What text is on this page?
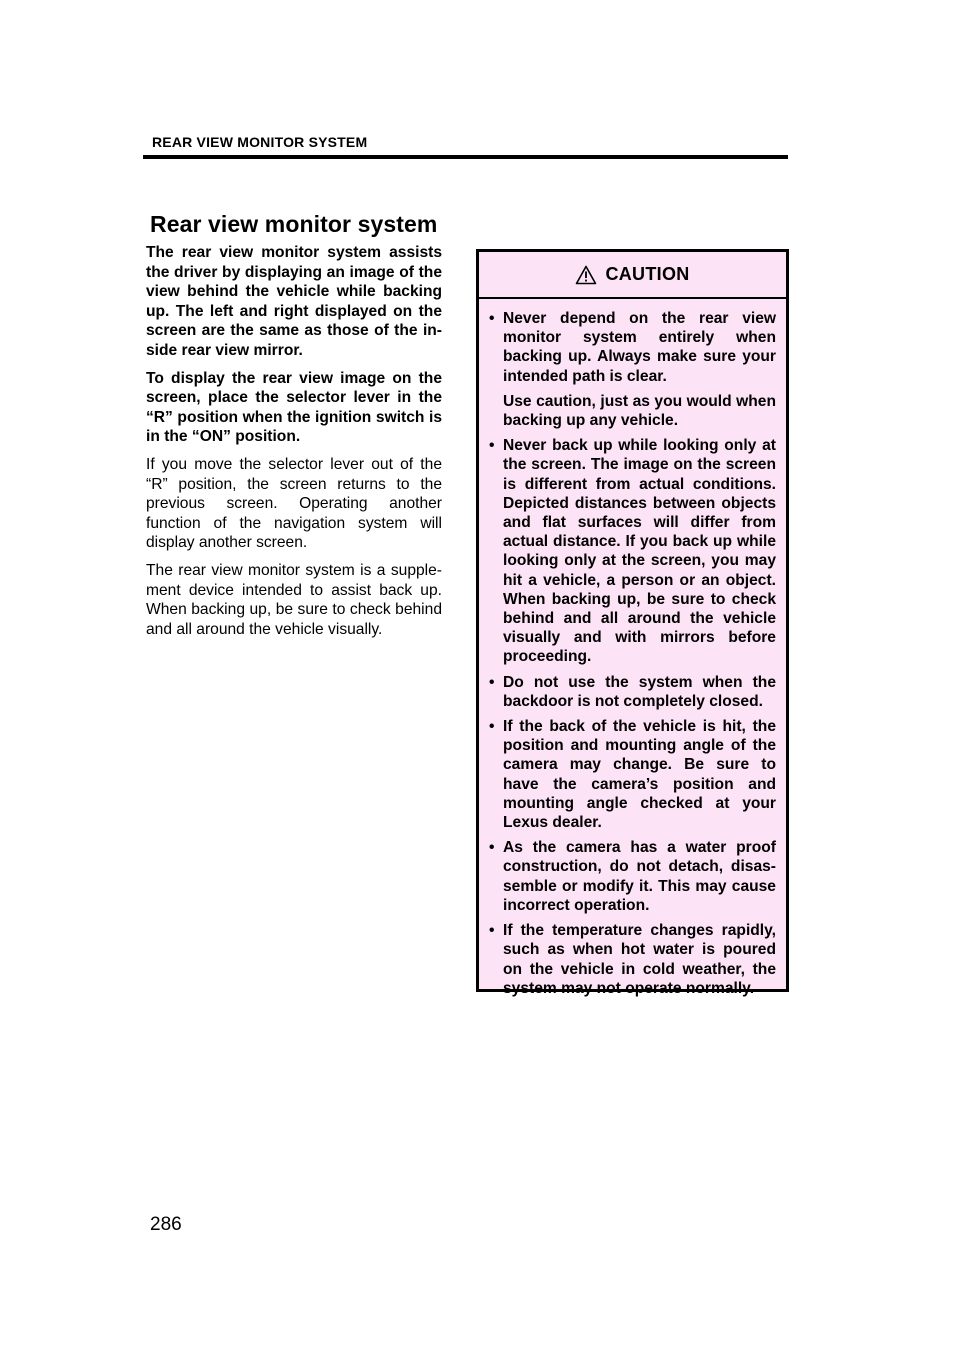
REAR VIEW MONITOR SYSTEM
Rear view monitor system

The rear view monitor system assists the driver by displaying an image of the view behind the vehicle while backing up. The left and right displayed on the screen are the same as those of the in-side rear view mirror.

To display the rear view image on the screen, place the selector lever in the “R” position when the ignition switch is in the “ON” position.

If you move the selector lever out of the “R” position, the screen returns to the previous screen. Operating another function of the navigation system will display another screen.

The rear view monitor system is a supple-ment device intended to assist back up. When backing up, be sure to check behind and all around the vehicle visually.

CAUTION
• Never depend on the rear view monitor system entirely when backing up. Always make sure your intended path is clear.

Use caution, just as you would when backing up any vehicle.

• Never back up while looking only at the screen. The image on the screen is different from actual conditions. Depicted distances between objects and flat surfaces will differ from actual distance. If you back up while looking only at the screen, you may hit a vehicle, a person or an object. When backing up, be sure to check behind and all around the vehicle visually and with mirrors before proceeding.

• Do not use the system when the backdoor is not completely closed.

• If the back of the vehicle is hit, the position and mounting angle of the camera may change. Be sure to have the camera’s position and mounting angle checked at your Lexus dealer.

• As the camera has a water proof construction, do not detach, disas-semble or modify it. This may cause incorrect operation.

• If the temperature changes rapidly, such as when hot water is poured on the vehicle in cold weather, the system may not operate normally.

286
